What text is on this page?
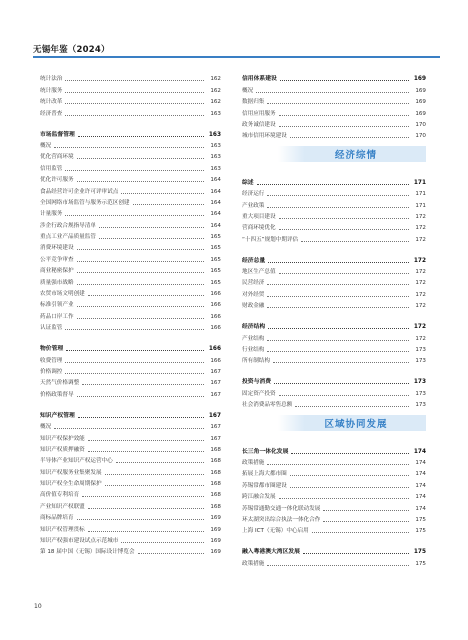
无锡年鉴（2024）
统计法治	162
统计服务	162
统计改革	162
经济普查	163
市场监督管理	163
概况	163
优化营商环境	163
信用监管	163
优化许可服务	164
食品经营许可企业许可评审试点	164
全国网络市场监管与服务示范区创建	164
计量服务	164
涉企行政合规指导清单	164
重点工业产品质量监管	165
消费环境建设	165
公平竞争审查	165
商业秘密保护	165
质量强市战略	165
农贸市场文明创建	166
标准引领产业	166
药品口岸工作	166
认证监管	166
物价管理	166
收费管理	166
价格调控	167
天然气价格调整	167
价格政策督导	167
知识产权管理	167
概况	167
知识产权保护效能	167
知识产权质押融资	168
半导体产业知识产权运营中心	168
知识产权服务业集聚发展	168
知识产权全生命周期保护	168
高价值专利培育	168
产业知识产权联盟	168
商标品牌培育	169
知识产权管理贯标	169
知识产权强市建设试点示范城市	169
第 18 届中国（无锡）国际设计博览会	169
信用体系建设	169
概况	169
数据归集	169
信用应用服务	169
政务诚信建设	170
城市信用环境建设	170
经济综情
综述	171
经济运行	171
产业政策	171
重大项目建设	172
营商环境优化	172
“十四五”规划中期评估	172
经济总量	172
地区生产总值	172
民营经济	172
对外经贸	172
财政金融	172
经济结构	172
产业结构	172
行业结构	173
所有制结构	173
投资与消费	173
固定资产投资	173
社会消费品零售总额	173
区域协同发展
长三角一体化发展	174
政策措施	174
拓展上海大都市圈	174
苏锡常都市圈建设	174
跨江融合发展	174
苏锡常通勤交通一体化联动发展	174
环太湖突出综合执法一体化合作	175
上海 ICT（无锡）中心启用	175
融入粤港澳大湾区发展	175
政策措施	175
10
